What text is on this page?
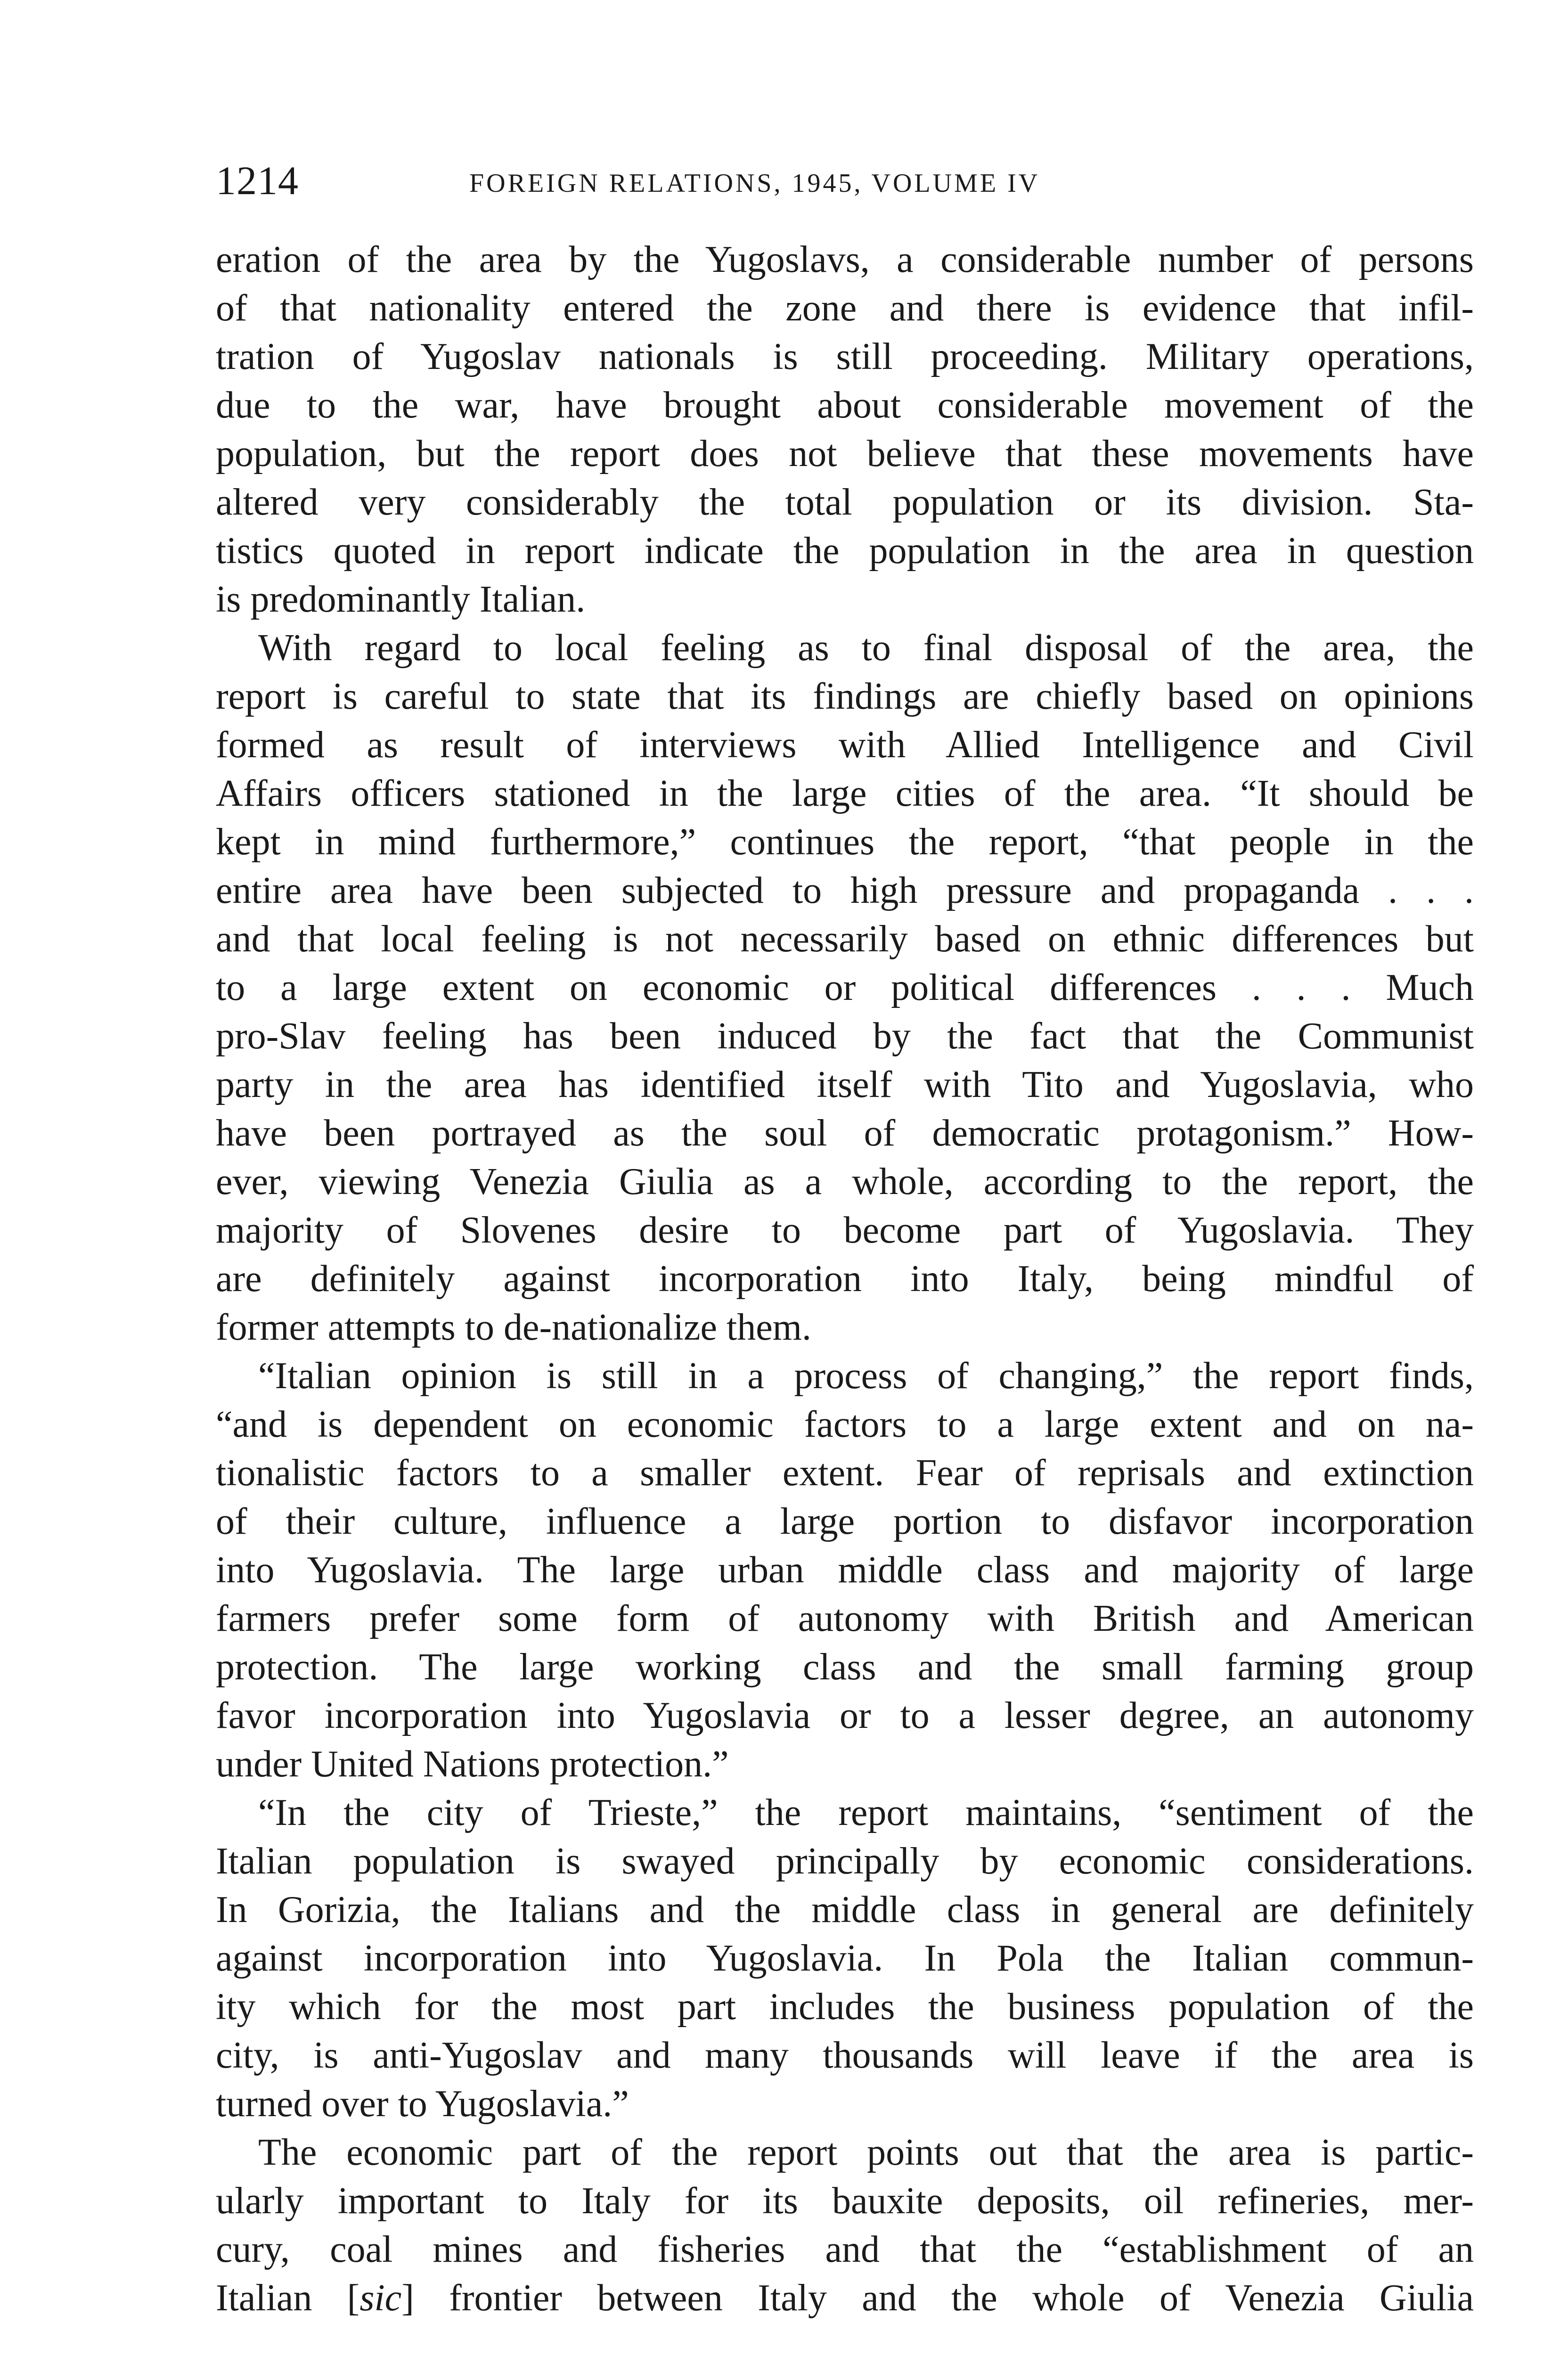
1214	FOREIGN RELATIONS, 1945, VOLUME IV
eration of the area by the Yugoslavs, a considerable number of persons
of that nationality entered the zone and there is evidence that infil-
tration of Yugoslav nationals is still proceeding. Military operations,
due to the war, have brought about considerable movement of the
population, but the report does not believe that these movements have
altered very considerably the total population or its division. Sta-
tistics quoted in report indicate the population in the area in question
is predominantly Italian.
With regard to local feeling as to final disposal of the area, the
report is careful to state that its findings are chiefly based on opinions
formed as result of interviews with Allied Intelligence and Civil
Affairs officers stationed in the large cities of the area. “It should be
kept in mind furthermore,” continues the report, “that people in the
entire area have been subjected to high pressure and propaganda . . .
and that local feeling is not necessarily based on ethnic differences but
to a large extent on economic or political differences . . . Much
pro-Slav feeling has been induced by the fact that the Communist
party in the area has identified itself with Tito and Yugoslavia, who
have been portrayed as the soul of democratic protagonism.” How-
ever, viewing Venezia Giulia as a whole, according to the report, the
majority of Slovenes desire to become part of Yugoslavia. They
are definitely against incorporation into Italy, being mindful of
former attempts to de-nationalize them.
“Italian opinion is still in a process of changing,” the report finds,
“and is dependent on economic factors to a large extent and on na-
tionalistic factors to a smaller extent. Fear of reprisals and extinction
of their culture, influence a large portion to disfavor incorporation
into Yugoslavia. The large urban middle class and majority of large
farmers prefer some form of autonomy with British and American
protection. The large working class and the small farming group
favor incorporation into Yugoslavia or to a lesser degree, an autonomy
under United Nations protection.”
“In the city of Trieste,” the report maintains, “sentiment of the
Italian population is swayed principally by economic considerations.
In Gorizia, the Italians and the middle class in general are definitely
against incorporation into Yugoslavia. In Pola the Italian commun-
ity which for the most part includes the business population of the
city, is anti-Yugoslav and many thousands will leave if the area is
turned over to Yugoslavia.”
The economic part of the report points out that the area is partic-
ularly important to Italy for its bauxite deposits, oil refineries, mer-
cury, coal mines and fisheries and that the “establishment of an
Italian [sic] frontier between Italy and the whole of Venezia Giulia
